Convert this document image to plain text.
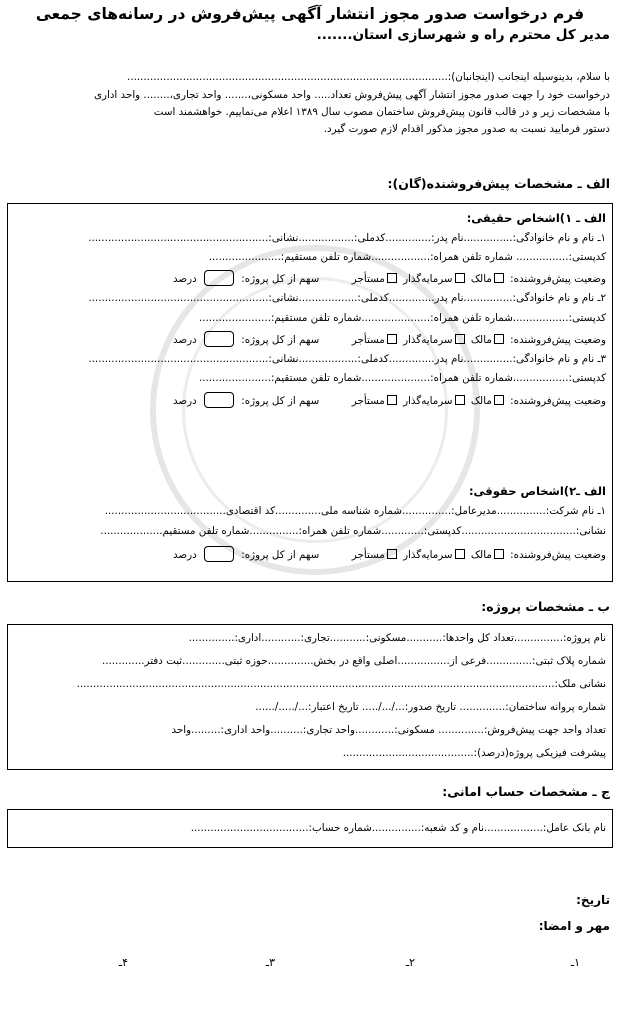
فرم درخواست صدور مجوز انتشار آگهی پیش‌فروش در رسانه‌های جمعی
مدیر کل محترم راه و شهرسازی استان.......
با سلام، بدینوسیله اینجانب (اینجانبان):..................................................................................................
درخواست خود را جهت صدور مجوز انتشار آگهی پیش‌فروش تعداد..... واحد مسکونی،....... واحد تجاری،........ واحد اداری
با مشخصات زیر و در قالب قانون پیش‌فروش ساختمان مصوب سال ۱۳۸۹ اعلام می‌نماییم. خواهشمند است
دستور فرمایید نسبت به صدور مجوز مذکور اقدام لازم صورت گیرد.
الف ـ مشخصات پیش‌فروشنده(گان):
الف ـ ۱)اشخاص حقیقی:
۱ـ نام و نام خانوادگی:...............نام پدر:..............کدملی:.................نشانی:.......................................................
کدپستی:................ شماره تلفن همراه:..................شماره تلفن مستقیم:......................
وضعیت پیش‌فروشنده: مالک سرمایه‌گذار مستأجر  سهم از کل پروژه:  درصد
۲ـ نام و نام خانوادگی:...............نام پدر..............کدملی:..................نشانی:.......................................................
کدپستی:.................شماره تلفن همراه:.....................شماره تلفن مستقیم:......................
وضعیت پیش‌فروشنده: مالک سرمایه‌گذار مستأجر  سهم از کل پروژه:  درصد
۳ـ نام و نام خانوادگی:...............نام پدر..............کدملی:..................نشانی:.......................................................
کدپستی:.................شماره تلفن همراه:.....................شماره تلفن مستقیم:......................
وضعیت پیش‌فروشنده: مالک سرمایه‌گذار مستأجر  سهم از کل پروژه:  درصد
الف ـ۲)اشخاص حقوقی:
۱ـ نام شرکت:...............مدیرعامل:...............شماره شناسه ملی..............کد اقتصادی.....................................
نشانی:...................................کدپستی:.............شماره تلفن همراه:...............شماره تلفن مستقیم...................
وضعیت پیش‌فروشنده: مالک سرمایه‌گذار مستأجر  سهم از کل پروژه:  درصد
ب ـ مشخصات پروژه:
نام پروژه:...............تعداد کل واحدها:...........مسکونی:...........تجاری:............اداری:..............
شماره پلاک ثبتی:..............فرعی از................اصلی واقع در بخش..............حوزه ثبتی.............ثبت دفتر.............
نشانی ملک:..................................................................................................................................................
شماره پروانه ساختمان:.............. تاریخ صدور:.../.../..... تاریخ اعتبار:.../...../......
تعداد واحد جهت پیش‌فروش:.............. مسکونی:............واحد تجاری:..........واحد اداری:.........واحد
پیشرفت فیزیکی پروژه(درصد):........................................
ج ـ مشخصات حساب امانی:
نام بانک عامل:..................نام و کد شعبه:...............شماره حساب:....................................
تاریخ:
مهر و امضا:
۱ـ
۲ـ
۳ـ
۴ـ
